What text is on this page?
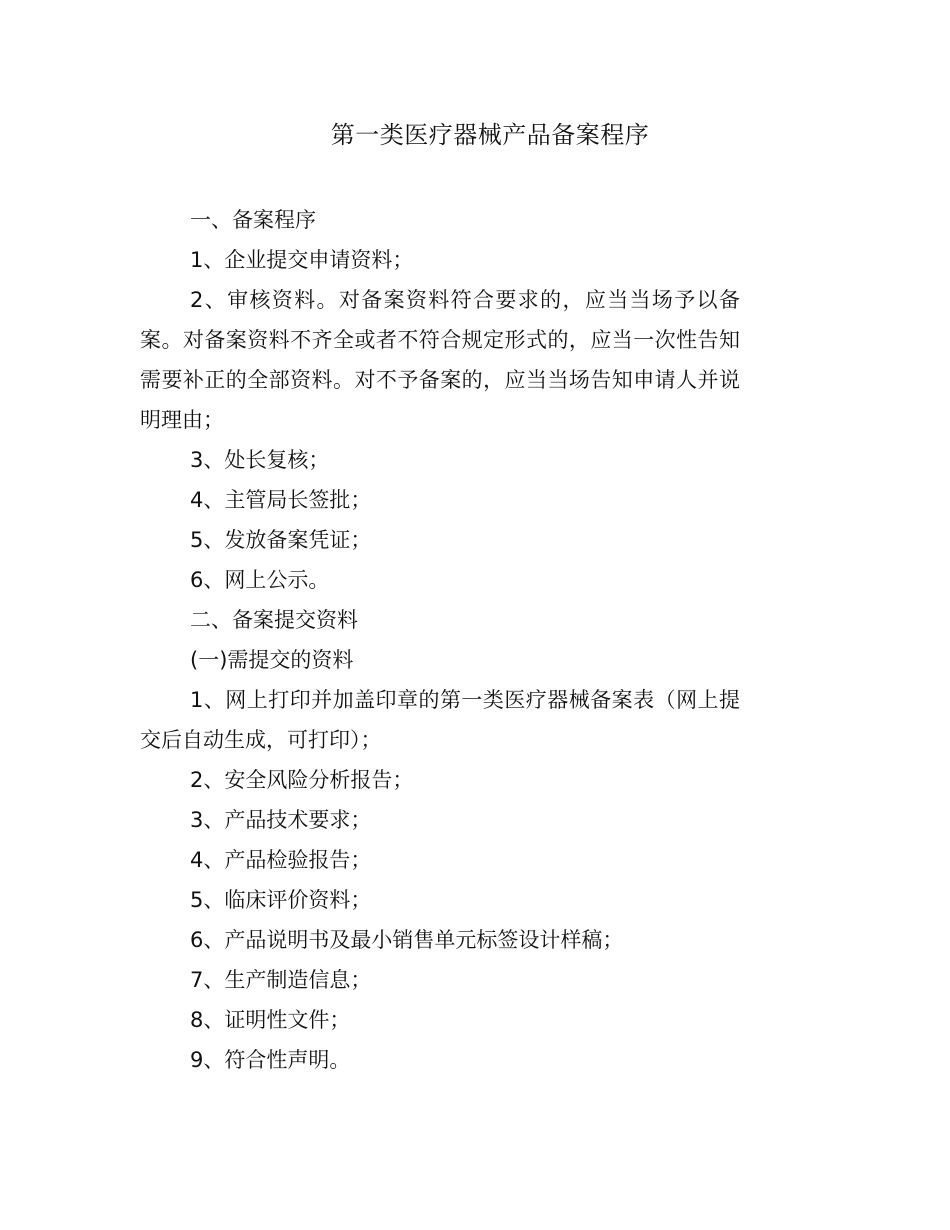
第一类医疗器械产品备案程序

一、备案程序

1、企业提交申请资料；

2、审核资料。对备案资料符合要求的，应当当场予以备案。对备案资料不齐全或者不符合规定形式的，应当一次性告知需要补正的全部资料。对不予备案的，应当当场告知申请人并说明理由；

3、处长复核；

4、主管局长签批；

5、发放备案凭证；

6、网上公示。

二、备案提交资料

(一)需提交的资料

1、网上打印并加盖印章的第一类医疗器械备案表（网上提交后自动生成，可打印）；

2、安全风险分析报告；

3、产品技术要求；

4、产品检验报告；

5、临床评价资料；

6、产品说明书及最小销售单元标签设计样稿；

7、生产制造信息；

8、证明性文件；

9、符合性声明。
